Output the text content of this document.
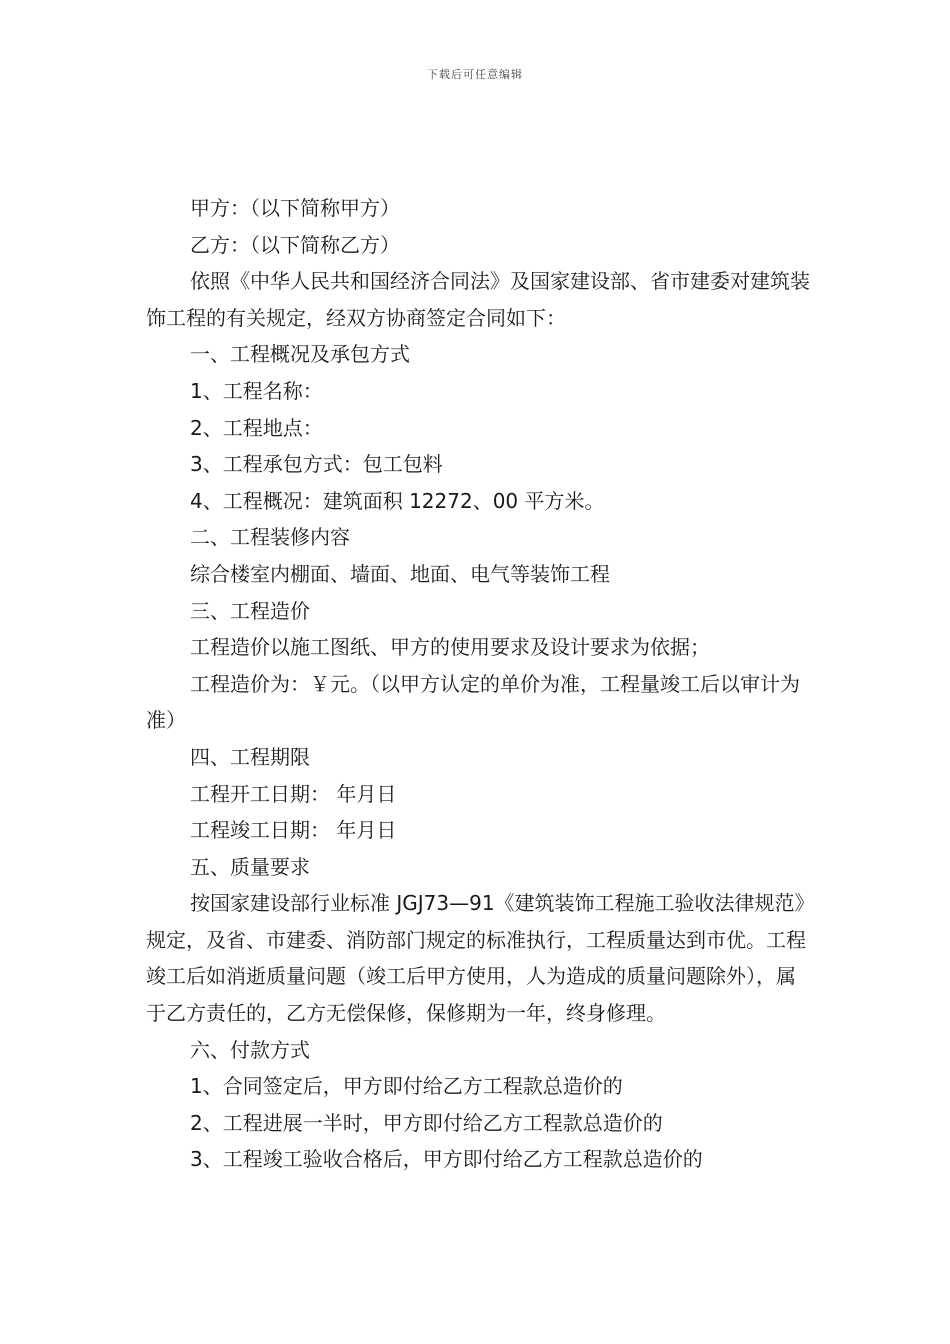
下载后可任意编辑

甲方：（以下简称甲方）

乙方：（以下简称乙方）

依照《中华人民共和国经济合同法》及国家建设部、省市建委对建筑装饰工程的有关规定，经双方协商签定合同如下：

一、工程概况及承包方式

1、工程名称：

2、工程地点：

3、工程承包方式：包工包料

4、工程概况：建筑面积 12272、00 平方米。

二、工程装修内容

综合楼室内棚面、墙面、地面、电气等装饰工程

三、工程造价

工程造价以施工图纸、甲方的使用要求及设计要求为依据；

工程造价为：￥元。（以甲方认定的单价为准，工程量竣工后以审计为准）

四、工程期限

工程开工日期： 年月日

工程竣工日期： 年月日

五、质量要求

按国家建设部行业标准 JGJ73—91《建筑装饰工程施工验收法律规范》规定，及省、市建委、消防部门规定的标准执行，工程质量达到市优。工程竣工后如消逝质量问题（竣工后甲方使用，人为造成的质量问题除外），属于乙方责任的，乙方无偿保修，保修期为一年，终身修理。

六、付款方式

1、合同签定后，甲方即付给乙方工程款总造价的

2、工程进展一半时，甲方即付给乙方工程款总造价的

3、工程竣工验收合格后，甲方即付给乙方工程款总造价的
